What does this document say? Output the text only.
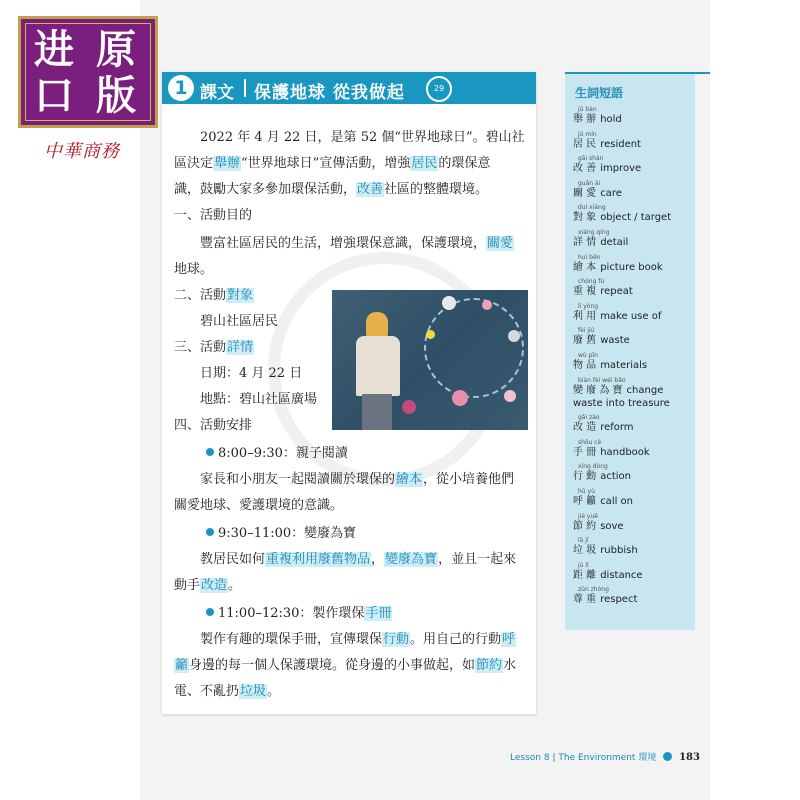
进 原
口 版
中華商務
1 課文 保護地球 從我做起	29
2022 年 4 月 22 日，是第 52 個“世界地球日”。碧山社
區決定舉辦“世界地球日”宣傳活動，增強居民的環保意
識，鼓勵大家多參加環保活動，改善社區的整體環境。
一、活動目的
豐富社區居民的生活，增強環保意識，保護環境，關愛
地球。
二、活動對象
碧山社區居民
三、活動詳情
日期：4 月 22 日
地點：碧山社區廣場
四、活動安排
8:00–9:30：親子閱讀
家長和小朋友一起閱讀關於環保的繪本，從小培養他們
關愛地球、愛護環境的意識。
9:30–11:00：變廢為寶
教居民如何重複利用廢舊物品，變廢為寶，並且一起來
動手改造。
11:00–12:30：製作環保手冊
製作有趣的環保手冊，宣傳環保行動。用自己的行動呼
籲身邊的每一個人保護環境。從身邊的小事做起，如節約水
電、不亂扔垃圾。
生詞短語
jǔ bàn
舉 辦 hold
jū mín
居 民 resident
gǎi shàn
改 善 improve
guān ài
關 愛 care
duì xiàng
對 象 object / target
xiáng qíng
詳 情 detail
huì běn
繪 本 picture book
chóng fù
重 複 repeat
lì yòng
利 用 make use of
fèi jiù
廢 舊 waste
wù pǐn
物 品 materials
biàn fèi wéi bǎo
變 廢 為 寶 change
waste into treasure
gǎi zào
改 造 reform
shǒu cè
手 冊 handbook
xíng dòng
行 動 action
hū yù
呼 籲 call on
jié yuē
節 約 sove
lā jī
垃 圾 rubbish
jù lí
距 離 distance
zūn zhòng
尊 重 respect
Lesson 8 | The Environment 環境 183
